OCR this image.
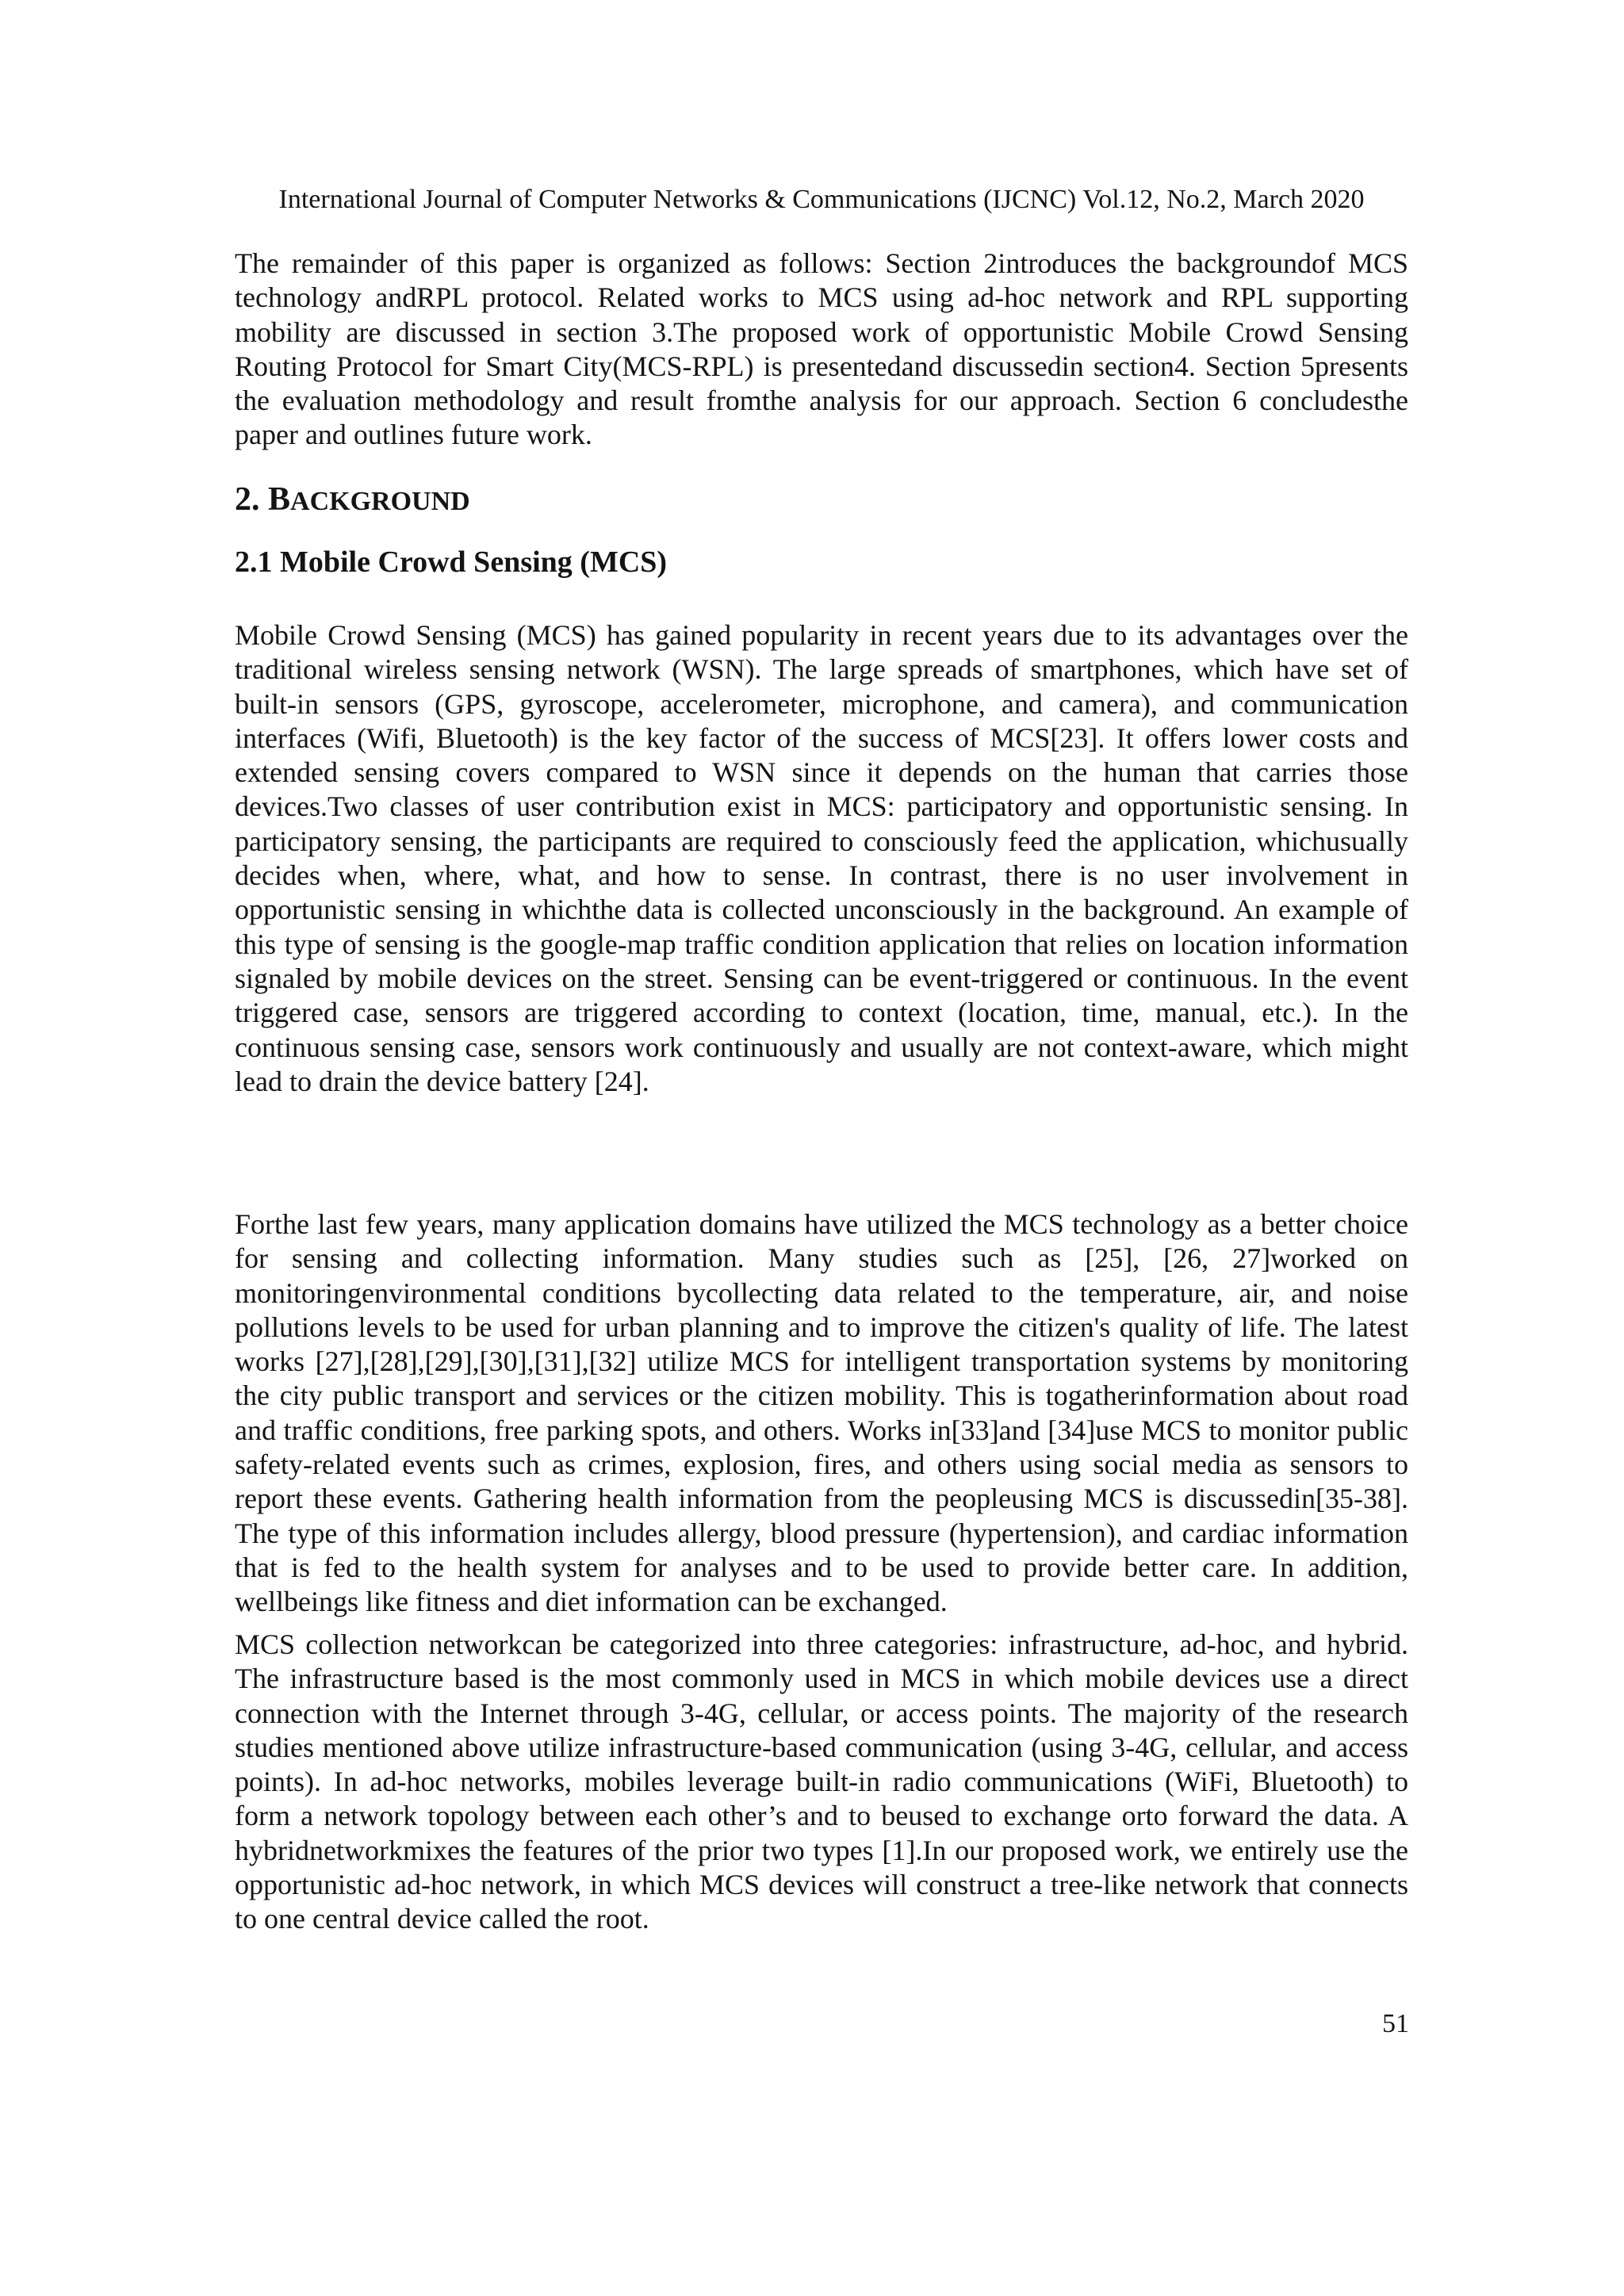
International Journal of Computer Networks & Communications (IJCNC) Vol.12, No.2, March 2020

The remainder of this paper is organized as follows: Section 2introduces the backgroundof MCS technology andRPL protocol. Related works to MCS using ad-hoc network and RPL supporting mobility are discussed in section 3.The proposed work of opportunistic Mobile Crowd Sensing Routing Protocol for Smart City(MCS-RPL) is presentedand discussedin section4. Section 5presents the evaluation methodology and result fromthe analysis for our approach. Section 6 concludesthe paper and outlines future work.

2. BACKGROUND
2.1 Mobile Crowd Sensing (MCS)

Mobile Crowd Sensing (MCS) has gained popularity in recent years due to its advantages over the traditional wireless sensing network (WSN). The large spreads of smartphones, which have set of built-in sensors (GPS, gyroscope, accelerometer, microphone, and camera), and communication interfaces (Wifi, Bluetooth) is the key factor of the success of MCS[23]. It offers lower costs and extended sensing covers compared to WSN since it depends on the human that carries those devices.Two classes of user contribution exist in MCS: participatory and opportunistic sensing. In participatory sensing, the participants are required to consciously feed the application, whichusually decides when, where, what, and how to sense. In contrast, there is no user involvement in opportunistic sensing in whichthe data is collected unconsciously in the background. An example of this type of sensing is the google-map traffic condition application that relies on location information signaled by mobile devices on the street. Sensing can be event-triggered or continuous. In the event triggered case, sensors are triggered according to context (location, time, manual, etc.). In the continuous sensing case, sensors work continuously and usually are not context-aware, which might lead to drain the device battery [24].

Forthe last few years, many application domains have utilized the MCS technology as a better choice for sensing and collecting information. Many studies such as [25], [26, 27]worked on monitoringenvironmental conditions bycollecting data related to the temperature, air, and noise pollutions levels to be used for urban planning and to improve the citizen's quality of life. The latest works [27],[28],[29],[30],[31],[32] utilize MCS for intelligent transportation systems by monitoring the city public transport and services or the citizen mobility. This is togatherinformation about road and traffic conditions, free parking spots, and others. Works in[33]and [34]use MCS to monitor public safety-related events such as crimes, explosion, fires, and others using social media as sensors to report these events. Gathering health information from the peopleusing MCS is discussedin[35-38]. The type of this information includes allergy, blood pressure (hypertension), and cardiac information that is fed to the health system for analyses and to be used to provide better care. In addition, wellbeings like fitness and diet information can be exchanged.

MCS collection networkcan be categorized into three categories: infrastructure, ad-hoc, and hybrid. The infrastructure based is the most commonly used in MCS in which mobile devices use a direct connection with the Internet through 3-4G, cellular, or access points. The majority of the research studies mentioned above utilize infrastructure-based communication (using 3-4G, cellular, and access points). In ad-hoc networks, mobiles leverage built-in radio communications (WiFi, Bluetooth) to form a network topology between each other’s and to beused to exchange orto forward the data. A hybridnetworkmixes the features of the prior two types [1].In our proposed work, we entirely use the opportunistic ad-hoc network, in which MCS devices will construct a tree-like network that connects to one central device called the root.

51
